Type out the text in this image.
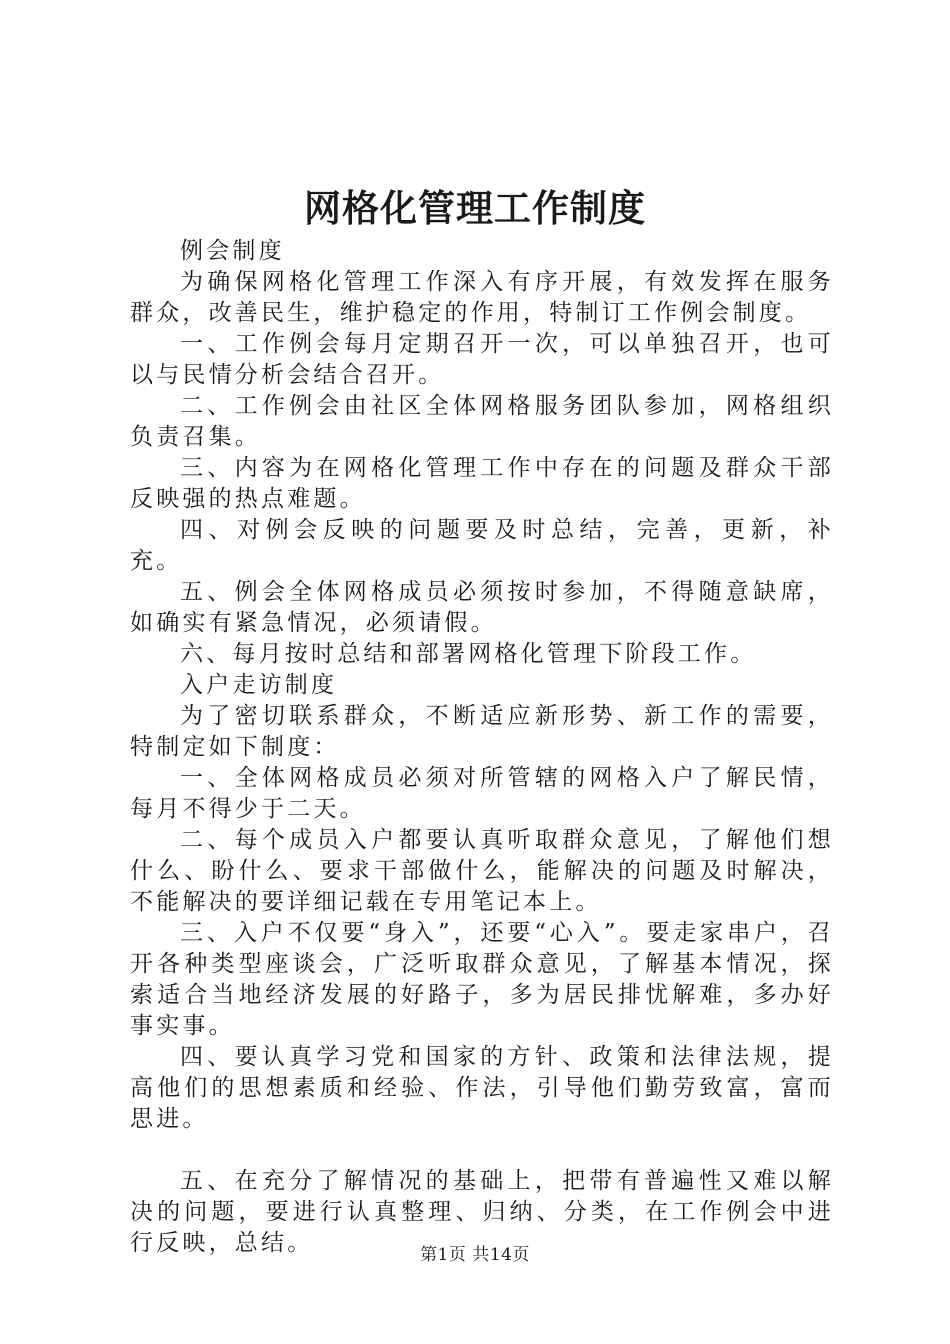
网格化管理工作制度

例会制度

为确保网格化管理工作深入有序开展，有效发挥在服务群众，改善民生，维护稳定的作用，特制订工作例会制度。

一、工作例会每月定期召开一次，可以单独召开，也可以与民情分析会结合召开。

二、工作例会由社区全体网格服务团队参加，网格组织负责召集。

三、内容为在网格化管理工作中存在的问题及群众干部反映强的热点难题。

四、对例会反映的问题要及时总结，完善，更新，补充。

五、例会全体网格成员必须按时参加，不得随意缺席，如确实有紧急情况，必须请假。

六、每月按时总结和部署网格化管理下阶段工作。

入户走访制度

为了密切联系群众，不断适应新形势、新工作的需要，特制定如下制度：

一、全体网格成员必须对所管辖的网格入户了解民情，每月不得少于二天。

二、每个成员入户都要认真听取群众意见，了解他们想什么、盼什么、要求干部做什么，能解决的问题及时解决，不能解决的要详细记载在专用笔记本上。

三、入户不仅要“身入”，还要“心入”。要走家串户，召开各种类型座谈会，广泛听取群众意见，了解基本情况，探索适合当地经济发展的好路子，多为居民排忧解难，多办好事实事。

四、要认真学习党和国家的方针、政策和法律法规，提高他们的思想素质和经验、作法，引导他们勤劳致富，富而思进。

五、在充分了解情况的基础上，把带有普遍性又难以解决的问题，要进行认真整理、归纳、分类，在工作例会中进行反映，总结。	第1页 共14页
